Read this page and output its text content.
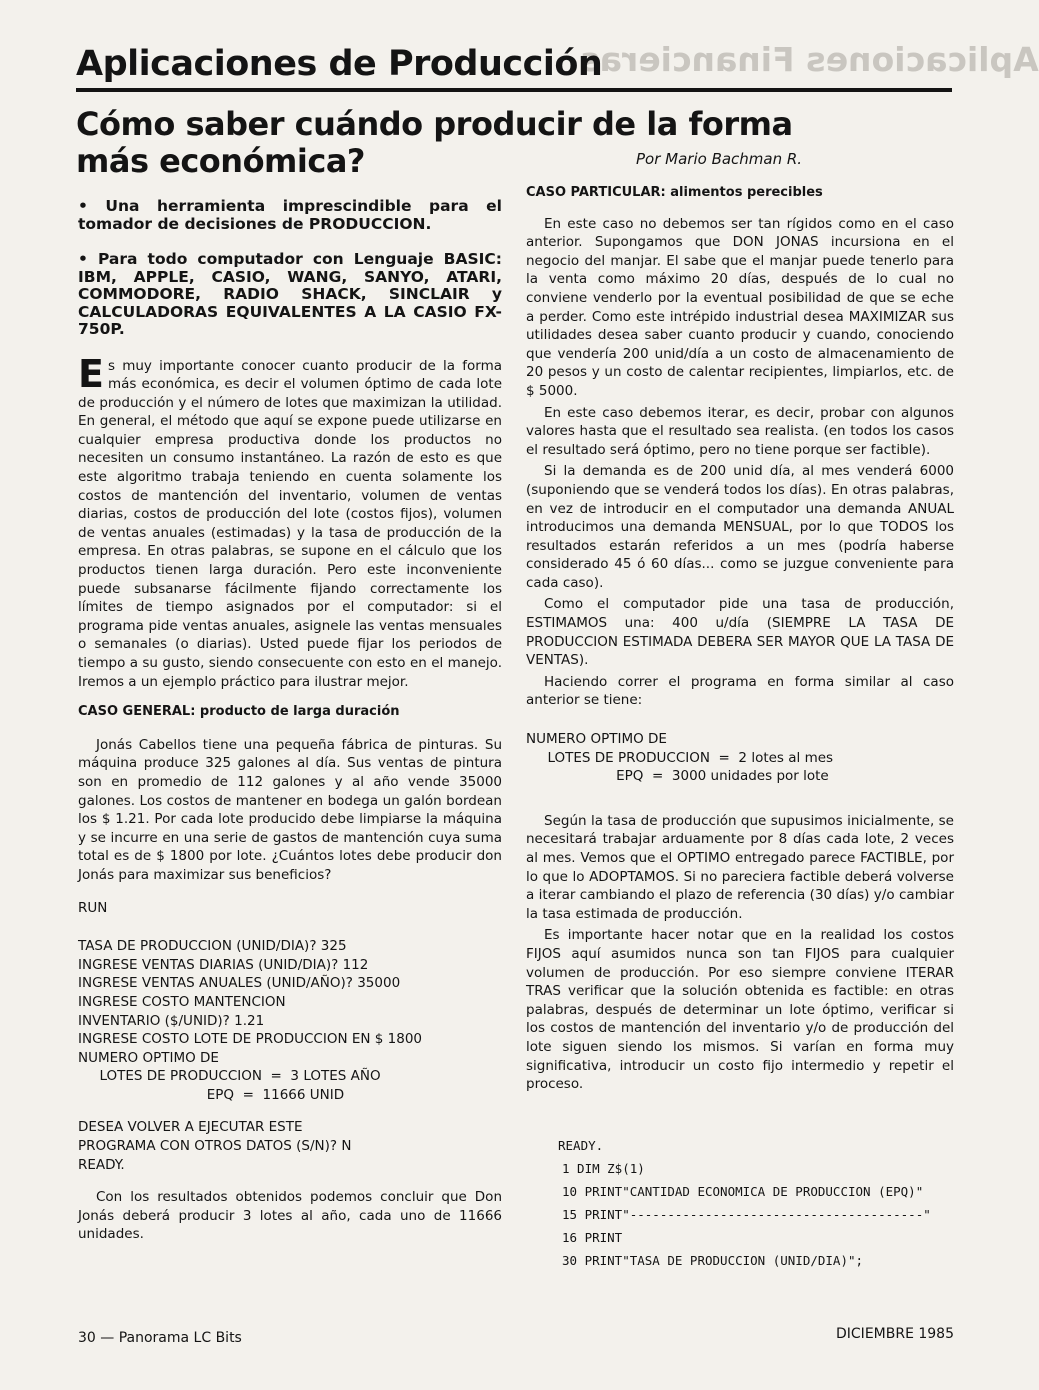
Aplicaciones Financieras
Aplicaciones de Producción
Cómo saber cuándo producir de la forma más económica?	Por Mario Bachman R.

• Una herramienta imprescindible para el tomador de decisiones de PRODUCCION.

• Para todo computador con Lenguaje BASIC: IBM, APPLE, CASIO, WANG, SANYO, ATARI, COMMODORE, RADIO SHACK, SINCLAIR y CALCULADORAS EQUIVALENTES A LA CASIO FX-750P.

Es muy importante conocer cuanto producir de la forma más económica, es decir el volumen óptimo de cada lote de producción y el número de lotes que maximizan la utilidad. En general, el método que aquí se expone puede utilizarse en cualquier empresa productiva donde los productos no necesiten un consumo instantáneo. La razón de esto es que este algoritmo trabaja teniendo en cuenta solamente los costos de mantención del inventario, volumen de ventas diarias, costos de producción del lote (costos fijos), volumen de ventas anuales (estimadas) y la tasa de producción de la empresa. En otras palabras, se supone en el cálculo que los productos tienen larga duración. Pero este inconveniente puede subsanarse fácilmente fijando correctamente los límites de tiempo asignados por el computador: si el programa pide ventas anuales, asignele las ventas mensuales o semanales (o diarias). Usted puede fijar los periodos de tiempo a su gusto, siendo consecuente con esto en el manejo. Iremos a un ejemplo práctico para ilustrar mejor.

CASO GENERAL: producto de larga duración

Jonás Cabellos tiene una pequeña fábrica de pinturas. Su máquina produce 325 galones al día. Sus ventas de pintura son en promedio de 112 galones y al año vende 35000 galones. Los costos de mantener en bodega un galón bordean los $ 1.21. Por cada lote producido debe limpiarse la máquina y se incurre en una serie de gastos de mantención cuya suma total es de $ 1800 por lote. ¿Cuántos lotes debe producir don Jonás para maximizar sus beneficios?

RUN

TASA DE PRODUCCION (UNID/DIA)? 325

INGRESE VENTAS DIARIAS (UNID/DIA)? 112

INGRESE VENTAS ANUALES (UNID/AÑO)? 35000

INGRESE COSTO MANTENCION

INVENTARIO ($/UNID)? 1.21

INGRESE COSTO LOTE DE PRODUCCION EN $ 1800

NUMERO OPTIMO DE

LOTES DE PRODUCCION  =  3 LOTES AÑO

EPQ  =  11666 UNID

DESEA VOLVER A EJECUTAR ESTE

PROGRAMA CON OTROS DATOS (S/N)? N

READY.

Con los resultados obtenidos podemos concluir que Don Jonás deberá producir 3 lotes al año, cada uno de 11666 unidades.

CASO PARTICULAR: alimentos perecibles

En este caso no debemos ser tan rígidos como en el caso anterior. Supongamos que DON JONAS incursiona en el negocio del manjar. El sabe que el manjar puede tenerlo para la venta como máximo 20 días, después de lo cual no conviene venderlo por la eventual posibilidad de que se eche a perder. Como este intrépido industrial desea MAXIMIZAR sus utilidades desea saber cuanto producir y cuando, conociendo que vendería 200 unid/día a un costo de almacenamiento de 20 pesos y un costo de calentar recipientes, limpiarlos, etc. de $ 5000.

En este caso debemos iterar, es decir, probar con algunos valores hasta que el resultado sea realista. (en todos los casos el resultado será óptimo, pero no tiene porque ser factible).

Si la demanda es de 200 unid día, al mes venderá 6000 (suponiendo que se venderá todos los días). En otras palabras, en vez de introducir en el computador una demanda ANUAL introducimos una demanda MENSUAL, por lo que TODOS los resultados estarán referidos a un mes (podría haberse considerado 45 ó 60 días... como se juzgue conveniente para cada caso).

Como el computador pide una tasa de producción, ESTIMAMOS una: 400 u/día (SIEMPRE LA TASA DE PRODUCCION ESTIMADA DEBERA SER MAYOR QUE LA TASA DE VENTAS).

Haciendo correr el programa en forma similar al caso anterior se tiene:

NUMERO OPTIMO DE

LOTES DE PRODUCCION  =  2 lotes al mes

EPQ  =  3000 unidades por lote

Según la tasa de producción que supusimos inicialmente, se necesitará trabajar arduamente por 8 días cada lote, 2 veces al mes. Vemos que el OPTIMO entregado parece FACTIBLE, por lo que lo ADOPTAMOS. Si no pareciera factible deberá volverse a iterar cambiando el plazo de referencia (30 días) y/o cambiar la tasa estimada de producción.

Es importante hacer notar que en la realidad los costos FIJOS aquí asumidos nunca son tan FIJOS para cualquier volumen de producción. Por eso siempre conviene ITERAR TRAS verificar que la solución obtenida es factible: en otras palabras, después de determinar un lote óptimo, verificar si los costos de mantención del inventario y/o de producción del lote siguen siendo los mismos. Si varían en forma muy significativa, introducir un costo fijo intermedio y repetir el proceso.

READY.
1 DIM Z$(1)
10 PRINT"CANTIDAD ECONOMICA DE PRODUCCION (EPQ)"
15 PRINT"---------------------------------------"
16 PRINT
30 PRINT"TASA DE PRODUCCION (UNID/DIA)";
30 — Panorama LC Bits	DICIEMBRE 1985
